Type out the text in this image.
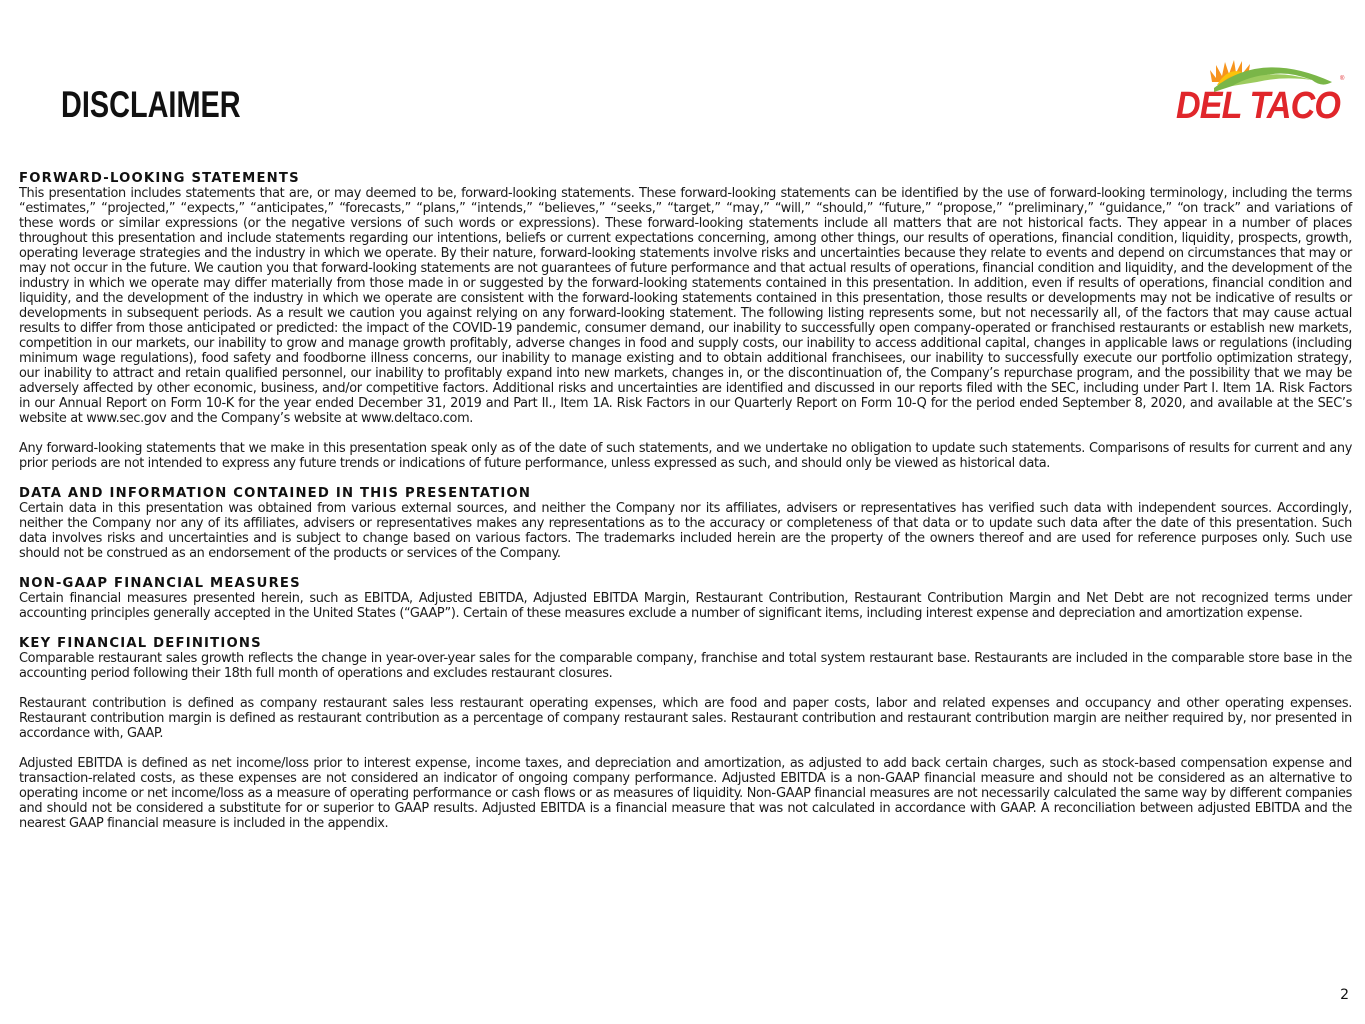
DISCLAIMER	DEL TACO
®
FORWARD-LOOKING STATEMENTS

This presentation includes statements that are, or may deemed to be, forward-looking statements. These forward-looking statements can be identified by the use of forward-looking terminology, including the terms “estimates,” “projected,” “expects,” “anticipates,” “forecasts,” “plans,” “intends,” “believes,” “seeks,” “target,” “may,” “will,” “should,” “future,” “propose,” “preliminary,” “guidance,” “on track” and variations of these words or similar expressions (or the negative versions of such words or expressions). These forward-looking statements include all matters that are not historical facts. They appear in a number of places throughout this presentation and include statements regarding our intentions, beliefs or current expectations concerning, among other things, our results of operations, financial condition, liquidity, prospects, growth, operating leverage strategies and the industry in which we operate. By their nature, forward-looking statements involve risks and uncertainties because they relate to events and depend on circumstances that may or may not occur in the future. We caution you that forward-looking statements are not guarantees of future performance and that actual results of operations, financial condition and liquidity, and the development of the industry in which we operate may differ materially from those made in or suggested by the forward-looking statements contained in this presentation. In addition, even if results of operations, financial condition and liquidity, and the development of the industry in which we operate are consistent with the forward-looking statements contained in this presentation, those results or developments may not be indicative of results or developments in subsequent periods. As a result we caution you against relying on any forward-looking statement. The following listing represents some, but not necessarily all, of the factors that may cause actual results to differ from those anticipated or predicted: the impact of the COVID-19 pandemic, consumer demand, our inability to successfully open company-operated or franchised restaurants or establish new markets, competition in our markets, our inability to grow and manage growth profitably, adverse changes in food and supply costs, our inability to access additional capital, changes in applicable laws or regulations (including minimum wage regulations), food safety and foodborne illness concerns, our inability to manage existing and to obtain additional franchisees, our inability to successfully execute our portfolio optimization strategy, our inability to attract and retain qualified personnel, our inability to profitably expand into new markets, changes in, or the discontinuation of, the Company’s repurchase program, and the possibility that we may be adversely affected by other economic, business, and/or competitive factors. Additional risks and uncertainties are identified and discussed in our reports filed with the SEC, including under Part I. Item 1A. Risk Factors in our Annual Report on Form 10-K for the year ended December 31, 2019 and Part II., Item 1A. Risk Factors in our Quarterly Report on Form 10-Q for the period ended September 8, 2020, and available at the SEC’s website at www.sec.gov and the Company’s website at www.deltaco.com.

Any forward-looking statements that we make in this presentation speak only as of the date of such statements, and we undertake no obligation to update such statements. Comparisons of results for current and any prior periods are not intended to express any future trends or indications of future performance, unless expressed as such, and should only be viewed as historical data.

DATA AND INFORMATION CONTAINED IN THIS PRESENTATION

Certain data in this presentation was obtained from various external sources, and neither the Company nor its affiliates, advisers or representatives has verified such data with independent sources. Accordingly, neither the Company nor any of its affiliates, advisers or representatives makes any representations as to the accuracy or completeness of that data or to update such data after the date of this presentation. Such data involves risks and uncertainties and is subject to change based on various factors. The trademarks included herein are the property of the owners thereof and are used for reference purposes only. Such use should not be construed as an endorsement of the products or services of the Company.

NON-GAAP FINANCIAL MEASURES

Certain financial measures presented herein, such as EBITDA, Adjusted EBITDA, Adjusted EBITDA Margin, Restaurant Contribution, Restaurant Contribution Margin and Net Debt are not recognized terms under accounting principles generally accepted in the United States (“GAAP”). Certain of these measures exclude a number of significant items, including interest expense and depreciation and amortization expense.

KEY FINANCIAL DEFINITIONS

Comparable restaurant sales growth reflects the change in year-over-year sales for the comparable company, franchise and total system restaurant base. Restaurants are included in the comparable store base in the accounting period following their 18th full month of operations and excludes restaurant closures.

Restaurant contribution is defined as company restaurant sales less restaurant operating expenses, which are food and paper costs, labor and related expenses and occupancy and other operating expenses. Restaurant contribution margin is defined as restaurant contribution as a percentage of company restaurant sales. Restaurant contribution and restaurant contribution margin are neither required by, nor presented in accordance with, GAAP.

Adjusted EBITDA is defined as net income/loss prior to interest expense, income taxes, and depreciation and amortization, as adjusted to add back certain charges, such as stock-based compensation expense and transaction-related costs, as these expenses are not considered an indicator of ongoing company performance. Adjusted EBITDA is a non-GAAP financial measure and should not be considered as an alternative to operating income or net income/loss as a measure of operating performance or cash flows or as measures of liquidity. Non-GAAP financial measures are not necessarily calculated the same way by different companies and should not be considered a substitute for or superior to GAAP results. Adjusted EBITDA is a financial measure that was not calculated in accordance with GAAP. A reconciliation between adjusted EBITDA and the nearest GAAP financial measure is included in the appendix.

2
